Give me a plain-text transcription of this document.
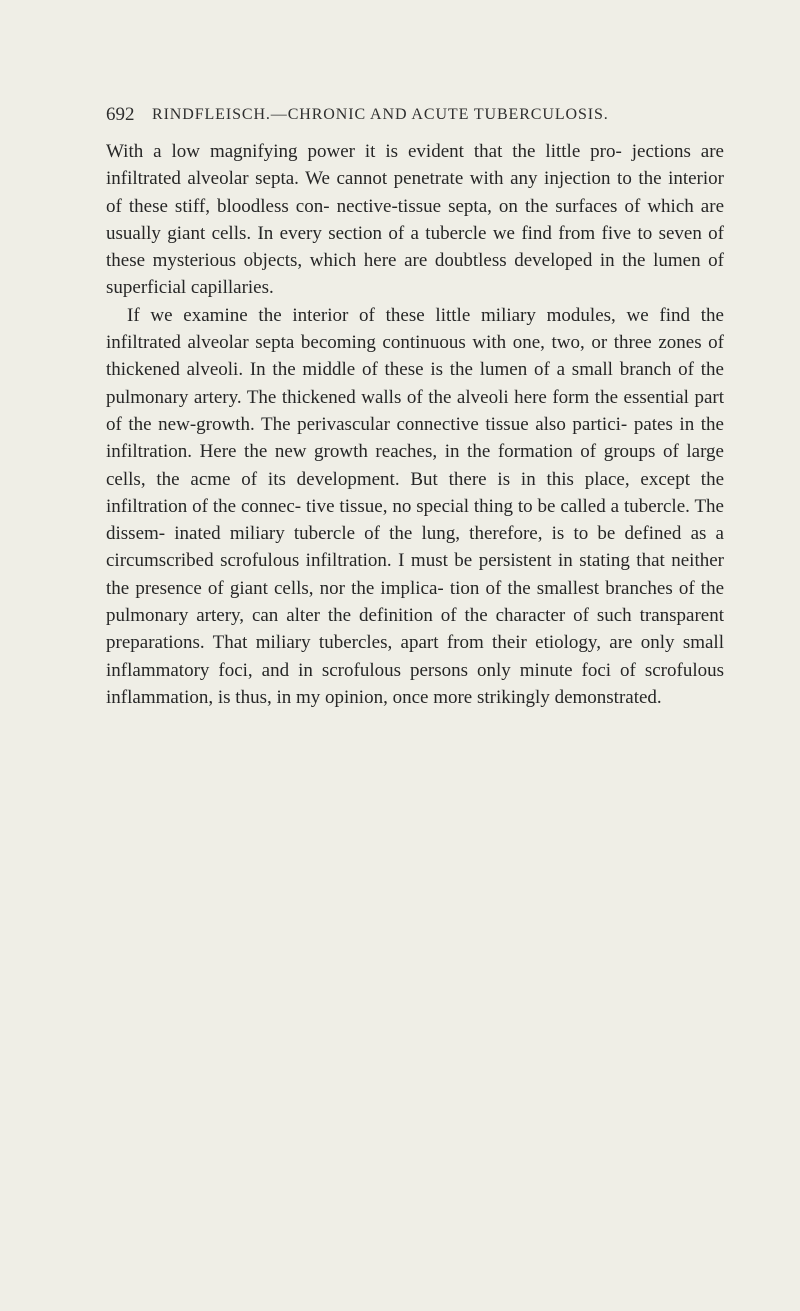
692 RINDFLEISCH.—CHRONIC AND ACUTE TUBERCULOSIS.

With a low magnifying power it is evident that the little pro- jections are infiltrated alveolar septa. We cannot penetrate with any injection to the interior of these stiff, bloodless con- nective-tissue septa, on the surfaces of which are usually giant cells. In every section of a tubercle we find from five to seven of these mysterious objects, which here are doubtless developed in the lumen of superficial capillaries.

If we examine the interior of these little miliary modules, we find the infiltrated alveolar septa becoming continuous with one, two, or three zones of thickened alveoli. In the middle of these is the lumen of a small branch of the pulmonary artery. The thickened walls of the alveoli here form the essential part of the new-growth. The perivascular connective tissue also partici- pates in the infiltration. Here the new growth reaches, in the formation of groups of large cells, the acme of its development. But there is in this place, except the infiltration of the connec- tive tissue, no special thing to be called a tubercle. The dissem- inated miliary tubercle of the lung, therefore, is to be defined as a circumscribed scrofulous infiltration. I must be persistent in stating that neither the presence of giant cells, nor the implica- tion of the smallest branches of the pulmonary artery, can alter the definition of the character of such transparent preparations. That miliary tubercles, apart from their etiology, are only small inflammatory foci, and in scrofulous persons only minute foci of scrofulous inflammation, is thus, in my opinion, once more strikingly demonstrated.
